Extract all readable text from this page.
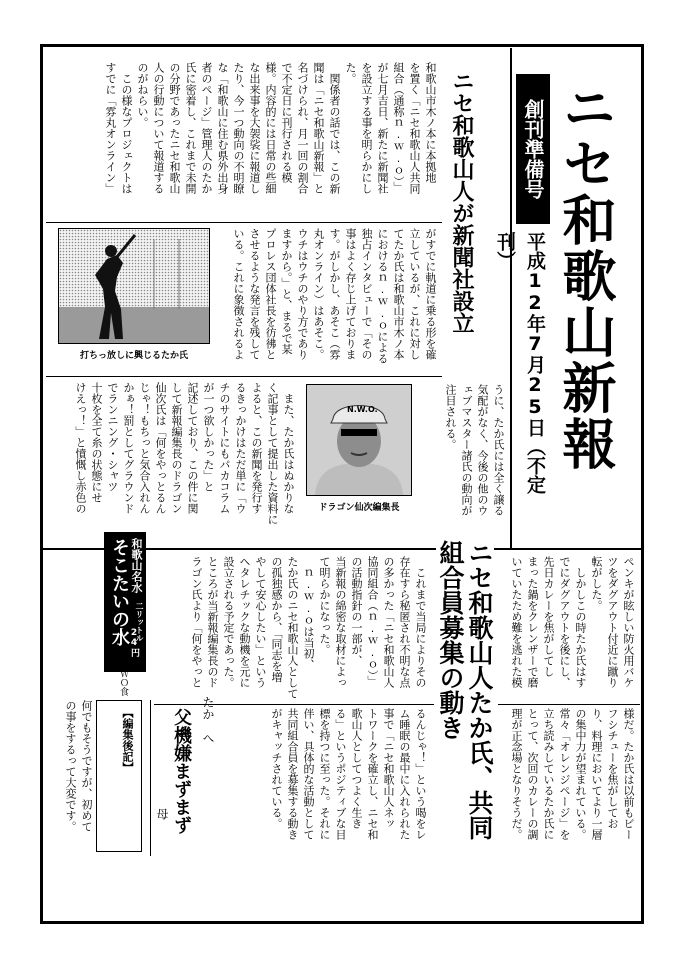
ニセ和歌山新報
創刊準備号
平成12年7月25日（不定刊）
ニセ和歌山人が新聞社設立
和歌山市木ノ本に本拠地
を置く「ニセ和歌山人共同
組合（通称ｎ.ｗ.ｏ）」
が七月吉日、新たに新聞社
を設立する事を明らかにし
た。
　関係者の話では、この新
聞は「ニセ和歌山新報」と
名づけられ、月一回の割合
で不定日に刊行される模
様。内容的には日常の些細
な出来事を大袈裟に報道し
たり、今一つ動向の不明瞭
な「和歌山に住む県外出身
者のページ」管理人のたか
氏に密着し、これまで未開
の分野であったニセ和歌山
人の行動について報道する
のがねらい。
　この様なプロジェクトは
すでに「雰丸オンライン」
がすでに軌道に乗る形を確
立しているが、これに対し
てたか氏は和歌山市木ノ本
におけるｎ.ｗ.ｏによる
独占インタビューで「その
事はよく存じ上げておりま
す。がしかし、あそこ（雰
丸オンライン）はあそこ。
ウチはウチのやり方であり
ますから。」と、まるで某
プロレス団体社長を彷彿と
させるような発言を残して
いる。これに象徴されるよ
打ちっ放しに興じるたか氏
　また、たか氏はぬかりな
く記事として提出した資料に
よると、この新聞を発行す
るきっかけはただ単に「ウ
チのサイトにもパカコラム
が一つ欲しかった」と
記述しており、この件に関
して新報編集長のドラゴン
仙次氏は「何をやっとるん
じゃ！もちっと気合入れん
かぁ！罰としてグラウンド
でランニング・シャツ
十枚を全て糸の状態にせ
けえっ！」と憤慨し赤色の	N.W.O.
ドラゴン仙次編集長	うに、たか氏には全く譲る
気配がなく、今後の他のウ
ェブマスター諸氏の動向が
注目される。
ニセ和歌山人たか氏、共同組合員募集の動き	ペンキが眩しい防火用バケ
ツをダグアウト付近に蹴り
転がした。
　しかしこの時たか氏はす
でにダグアウトを後にし、
先日カレーを焦がしてし
まった鍋をクレンザーで磨
いていたため難を逃れた模
様だ。たか氏は以前もビー
フシチューを焦がしてお
り、料理においてより一層
の集中力が望まれている。
常々「オレンジページ」を
立ち読みしているたか氏に
とって、次回のカレーの調
理が正念場となりそうだ。
　これまで当局によりその
存在すら秘匿され不明な点
の多かった「ニセ和歌山人
協同組合（ｎ.ｗ.ｏ）」
の活動指針の一部が、
当新報の綿密な取材によっ
て明らかになった。
　ｎ.ｗ.ｏは当初、
たか氏のニセ和歌山人として
の孤独感から、「同志を増
やして安心したい」という
ヘタレチックな動機を元に
設立される予定であった。
ところが当新報編集長のド
ラゴン氏より「何をやっと
るんじゃ！」という喝をレ
ム睡眠の最中に入れられた
事で「ニセ和歌山人ネッ
トワークを確立し、ニセ和
歌山人としてつよく生き
る」というポジティブな目
標を持つに至った。それに
伴い、具体的な活動として
共同組合員を募集する動き
がキャッチされている。
和歌山名水
そこたいの水 二リットル
24円
ＮＷＯ食品
たか　へ
父機嫌まずまず
母
【編集後記】
何でもそうですが、初めて
の事をするって大変です。
